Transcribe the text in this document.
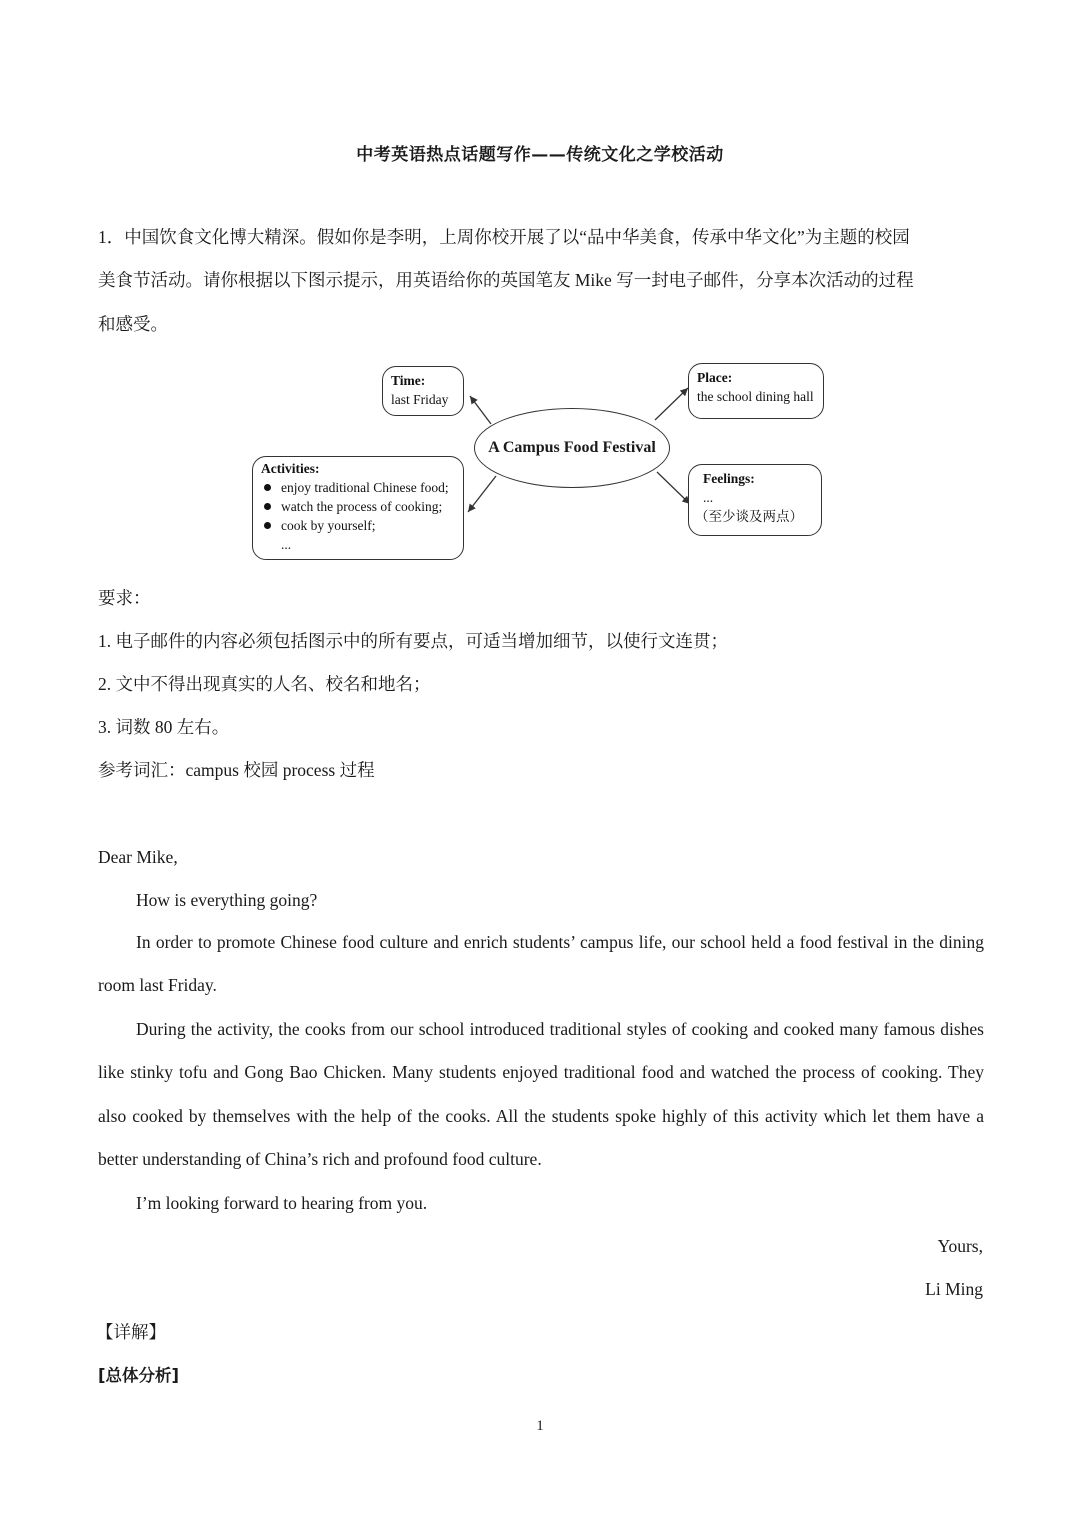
中考英语热点话题写作——传统文化之学校活动
1．中国饮食文化博大精深。假如你是李明，上周你校开展了以“品中华美食，传承中华文化”为主题的校园
美食节活动。请你根据以下图示提示，用英语给你的英国笔友 Mike 写一封电子邮件，分享本次活动的过程
和感受。
Time:
last Friday
Place:
the school dining hall
A Campus Food Festival
Activities:
enjoy traditional Chinese food;
watch the process of cooking;
cook by yourself;
...
Feelings:
...
（至少谈及两点）
要求：
1. 电子邮件的内容必须包括图示中的所有要点，可适当增加细节，以使行文连贯；
2. 文中不得出现真实的人名、校名和地名；
3. 词数 80 左右。
参考词汇：campus 校园 process 过程
Dear Mike,
How is everything going?
In order to promote Chinese food culture and enrich students’ campus life, our school held a food festival in the dining room last Friday.
During the activity, the cooks from our school introduced traditional styles of cooking and cooked many famous dishes like stinky tofu and Gong Bao Chicken. Many students enjoyed traditional food and watched the process of cooking. They also cooked by themselves with the help of the cooks. All the students spoke highly of this activity which let them have a better understanding of China’s rich and profound food culture.
I’m looking forward to hearing from you.
Yours,
Li Ming
【详解】
[总体分析]
1
